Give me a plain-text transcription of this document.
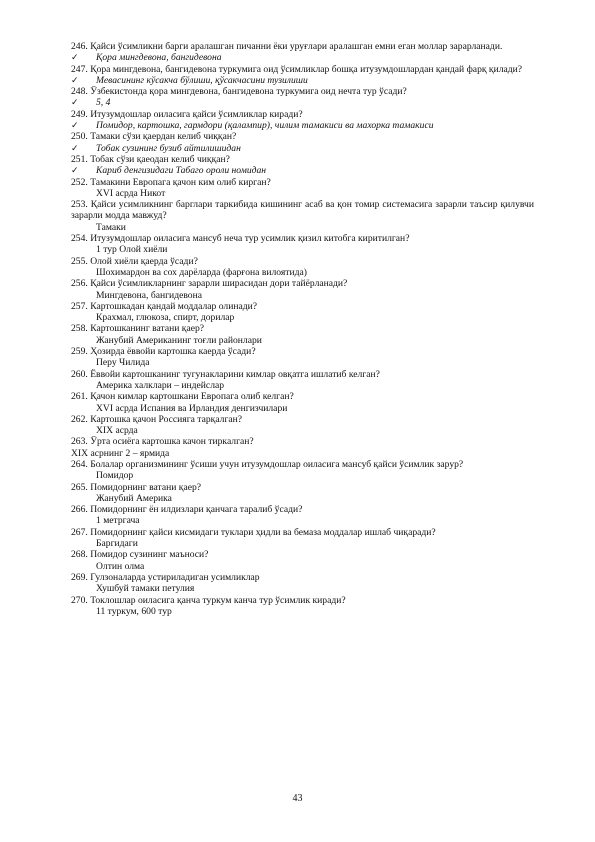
246. Қайси ўсимликни барги аралашган пичанни ёки уруғлари аралашган емни еган моллар зарарланади.
✓ Қора мингдевона, бангидевона
247. Қора мингдевона, бангидевона туркумига оид ўсимликлар бошқа итузумдошлардан қандай фарқ қилади?
✓ Мевасининг кўсакча бўлиши, қўсакчасини тузилиши
248. Ўзбекистонда қора мингдевона, бангидевона туркумига оид нечта тур ўсади?
✓ 5, 4
249. Итузумдошлар оиласига қайси ўсимликлар киради?
✓ Помидор, картошка, гармдори (қалампир), чилим тамакиси ва махорка тамакиси
250. Тамаки сўзи қаердан келиб чиққан?
✓ Тобак сузининг бузиб айтилишидан
251. Тобак сўзи қаеодан келиб чиққан?
✓ Кариб денгизидаги Табаго ороли номидан
252. Тамакини Европага қачон ким олиб кирган?
XVI асрда Никот
253. Қайси усимликнинг барглари таркибида кишининг асаб ва қон томир системасига зарарли таъсир қилувчи зарарли модда мавжуд?
Тамаки
254. Итузумдошлар оиласига мансуб неча тур усимлик қизил китобга киритилган?
1 тур Олой хиёли
255. Олой хиёли қаерда ўсади?
Шохимардон ва сох дарёларда (фарғона вилоятида)
256. Қайси ўсимликларнинг зарарли ширасидан дори тайёрланади?
Мингдевона, бангидевона
257. Картошкадан қандай моддалар олинади?
Крахмал, глюкоза, спирт, дорилар
258. Картошканинг ватани қаер?
Жанубий Американинг тоғли районлари
259. Ҳозирда ёввойи картошка каерда ўсади?
Перу Чилида
260. Ёввойи картошканинг тугунакларини кимлар овқатга ишлатиб келган?
Америка халклари – индейслар
261. Қачон кимлар картошкани Европага олиб келган?
XVI асрда Испания ва Ирландия денгизчилари
262. Картошка қачон Россияга тарқалган?
XIX асрда
263. Ўрта осиёга картошка качон тиркалган?
XIX асрнинг 2 – ярмида
264. Болалар организмининг ўсиши учун итузумдошлар оиласига мансуб қайси ўсимлик зарур?
Помидор
265. Помидорнинг ватани қаер?
Жанубий Америка
266. Помидорнинг ён илдизлари қанчага таралиб ўсади?
1 метргача
267. Помидорнинг қайси кисмидаги туклари ҳидли ва бемаза моддалар ишлаб чиқаради?
Баргидаги
268. Помидор сузининг маъноси?
Олтин олма
269. Гулзоналарда устириладиган усимликлар
Хушбуй тамаки петулия
270. Токлошлар оиласига қанча туркум канча тур ўсимлик киради?
11 туркум, 600 тур
43
